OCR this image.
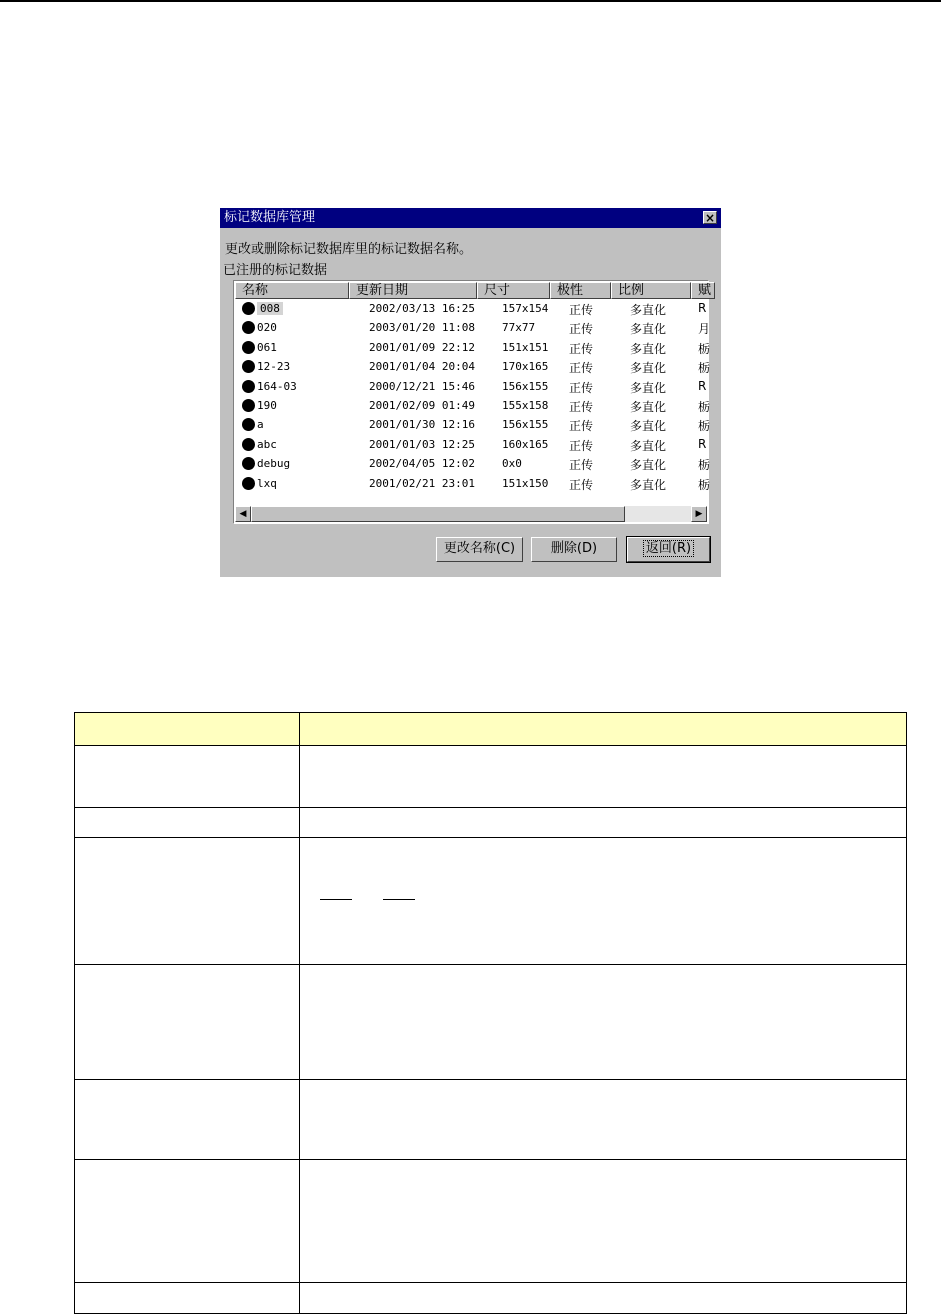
标记数据库管理	×
更改或删除标记数据库里的标记数据名称。
已注册的标记数据
名称	更新日期	尺寸	极性	比例	赋
008	2002/03/13 16:25 157x154 正传	多直化	R
020	2003/01/20 11:08 77x77	正传	多直化	月
061	2001/01/09 22:12 151x151 正传	多直化	栃
12-23	2001/01/04 20:04 170x165 正传	多直化	栃
164-03	2000/12/21 15:46 156x155 正传	多直化	R
190	2001/02/09 01:49 155x158 正传	多直化	栃
a	2001/01/30 12:16 156x155 正传	多直化	栃
abc	2001/01/03 12:25 160x165 正传	多直化	R
debug	2002/04/05 12:02 0x0	正传	多直化	栃
lxq	2001/02/21 23:01 151x150 正传	多直化	栃
◀	▶
更改名称(C)	删除(D)	返回(R)
